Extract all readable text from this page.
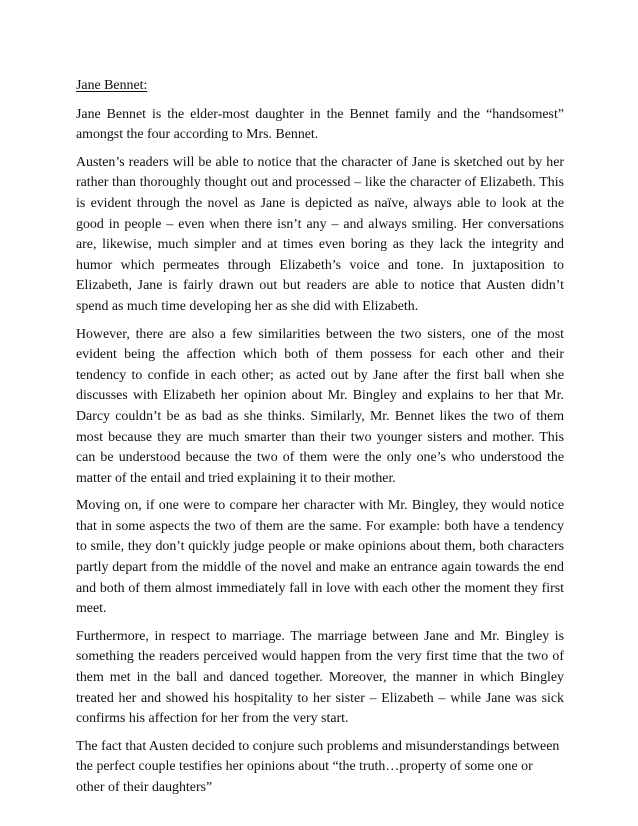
Jane Bennet:

Jane Bennet is the elder-most daughter in the Bennet family and the “handsomest” amongst the four according to Mrs. Bennet.

Austen’s readers will be able to notice that the character of Jane is sketched out by her rather than thoroughly thought out and processed – like the character of Elizabeth. This is evident through the novel as Jane is depicted as naïve, always able to look at the good in people – even when there isn’t any – and always smiling. Her conversations are, likewise, much simpler and at times even boring as they lack the integrity and humor which permeates through Elizabeth’s voice and tone. In juxtaposition to Elizabeth, Jane is fairly drawn out but readers are able to notice that Austen didn’t spend as much time developing her as she did with Elizabeth.

However, there are also a few similarities between the two sisters, one of the most evident being the affection which both of them possess for each other and their tendency to confide in each other; as acted out by Jane after the first ball when she discusses with Elizabeth her opinion about Mr. Bingley and explains to her that Mr. Darcy couldn’t be as bad as she thinks. Similarly, Mr. Bennet likes the two of them most because they are much smarter than their two younger sisters and mother. This can be understood because the two of them were the only one’s who understood the matter of the entail and tried explaining it to their mother.

Moving on, if one were to compare her character with Mr. Bingley, they would notice that in some aspects the two of them are the same. For example: both have a tendency to smile, they don’t quickly judge people or make opinions about them, both characters partly depart from the middle of the novel and make an entrance again towards the end and both of them almost immediately fall in love with each other the moment they first meet.

Furthermore, in respect to marriage. The marriage between Jane and Mr. Bingley is something the readers perceived would happen from the very first time that the two of them met in the ball and danced together. Moreover, the manner in which Bingley treated her and showed his hospitality to her sister – Elizabeth – while Jane was sick confirms his affection for her from the very start.

The fact that Austen decided to conjure such problems and misunderstandings between the perfect couple testifies her opinions about “the truth…property of some one or other of their daughters”
